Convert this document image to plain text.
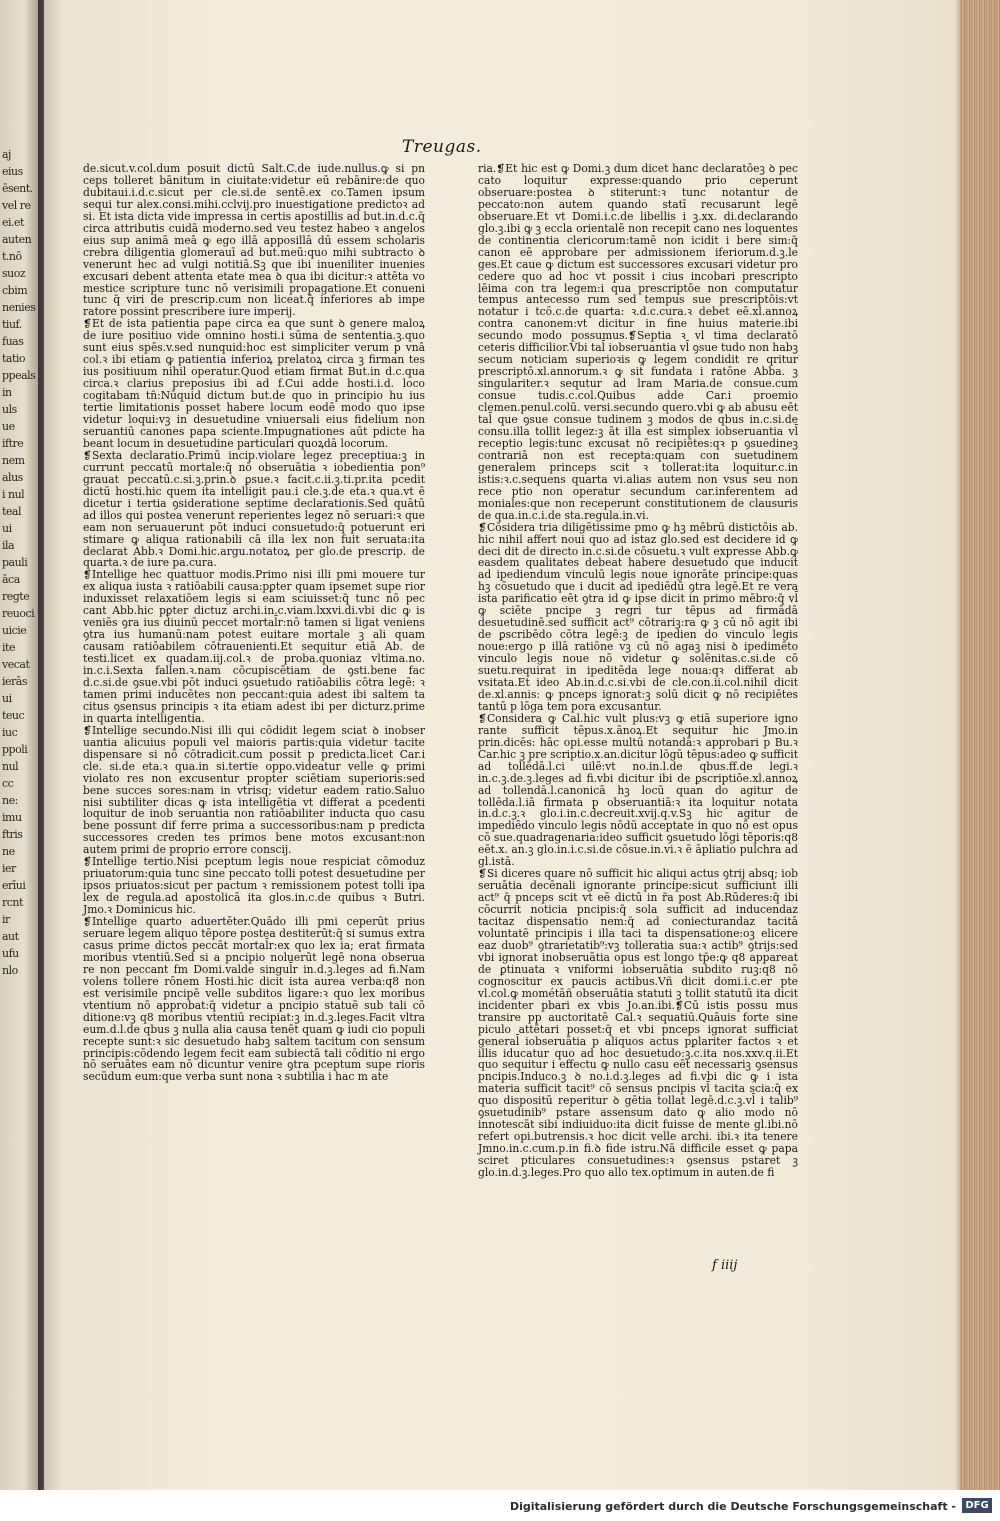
aj
eius
ēsent.
vel re
ei.et
auten
t.nō
suoz
cbim
nenies
tiuf.
fuas
tatio
ppeals
in
uls
ue
iftre
nem
alus
i nul
teal
ui
ila
pauli
āca
regte
reuoci
uicie
ite
vecat
ierās
ui
teuc
iuc
ppoli
nul
cc
ne:
imu
ftris
ne
ier
erīui
rcnt
ir
aut
ufu
nlo
Treugas.

de.sicut.v.col.dum posuit dictū Salt.C.de iude.nullus.ꝙ si pn ceps tolleret bānitum in ciuitate:videtur eū rebānire:de quo dubitaui.i.d.c.sicut per cle.si.de sentē.ex co.Tamen ipsum sequi tur alex.consi.mihi.cclvij.pro inuestigatione predictoꝛ ad si. Et ista dicta vide impressa in certis apostillis ad but.in.d.c.q̄ circa attributis cuidā moderno.sed veu testez habeo ꝛ angelos eius sup animā meā ꝙ ego illā apposillā dū essem scholaris crebra diligentia glomerauī ad but.meū:quo mihi subtracto ꝺ venerunt hec ad vulgi notitiā.Sꝫ que ibi inueniliter inuenies excusari debent attenta etate mea ꝺ qua ibi dicitur:ꝛ attēta vo mestice scripture tunc nō verisimili propagatione.Et conueni tunc q̄ viri de prescrip.cum non liceat.q̄ inferiores ab impe ratore possint prescribere iure imperij.

❡Et de ista patientia pape circa ea que sunt ꝺ genere maloꝝ de iure positiuo vide omnino hosti.i sūma de sententia.ꝫ.quo sunt eius spēs.v.sed nunquid:hoc est simpliciter verum p vnā col.ꝛ ibi etiam ꝙ patientia inferioꝝ prelatoꝝ circa ꝫ firman tes ius positiuum nihil operatur.Quod etiam firmat But.in d.c.qua circa.ꝛ clarius preposius ibi ad f.Cui adde hosti.i.d. loco cogitabam tn̄:Nūquid dictum but.de quo in principio hu ius tertie limitationis posset habere locum eodē modo quo ipse videtur loqui:vꝫ in desuetudine vniuersali eius fidelium non seruantiū canones papa sciente.Impugnationes aūt pdicte ha beant locum in desuetudine particulari quoꝝdā locorum.

❡Sexta declaratio.Primū incip.violare legez preceptiua:ꝫ in currunt peccatū mortale:q̄ nō obseruātia ꝛ iobedientia pon⁹ grauat peccatū.c.si.ꝫ.prin.ꝺ ꝑsue.ꝛ facit.c.ii.ꝫ.ti.pr.ita pcedit dictū hosti.hic quem ita intelligit pau.i cle.ꝫ.de eta.ꝛ qua.vt ē dicetur i tertia ꝯsideratione septime declarationis.Sed quātū ad illos qui postea venerunt reperientes legez nō seruari:ꝛ que eam non seruauerunt pōt induci consuetudo:q̄ potuerunt eri stimare ꝙ aliqua rationabili cā illa lex non fuit seruata:ita declarat Abb.ꝛ Domi.hic.argu.notatoꝝ per glo.de prescrip. de quarta.ꝛ de iure pa.cura.

❡Intellige hec quattuor modis.Primo nisi illi pmi mouere tur ex aliqua iusta ꝛ ratiōabili causa:pꝑter quam ipsemet supe rior induxisset relaxatiōem legis si eam sciuisset:q̄ tunc nō pec cant Abb.hic pꝑter dictuz archi.in.c.viam.lxxvi.di.vbi dic ꝙ is veniēs ꝯra ius diuinū peccet mortal̄r:nō tamen si ligat veniens ꝯtra ius humanū:nam potest euitare mortale ꝫ ali quam causam ratiōabilem cōtrauenienti.Et sequitur etiā Ab. de testi.licet ex quadam.iij.col.ꝛ de proba.quoniaz vltima.no. in.c.i.Sexta fallen.ꝛ.nam cōcupiscētiam de ꝯsti.bene fac d.c.si.de ꝯsue.vbi pōt induci ꝯsuetudo ratiōabilis cōtra legē: ꝛ tamen primi inducētes non peccant:quia adest ibi saltem ta citus ꝯsensus principis ꝛ ita etiam adest ibi per dicturz.prime in quarta intelligentia.

❡Intellige secundo.Nisi illi qui cōdidit legem sciat ꝺ inobser uantia alicuius populi vel maioris partis:quia videtur tacite dispensare si nō cōtradicit.cum possit p predicta.licet Car.i cle. si.de eta.ꝛ qua.in si.tertie oppo.videatur velle ꝙ primi violato res non excusentur propter sciētiam superioris:sed bene succes sores:nam in vtrisq; videtur eadem ratio.Saluo nisi subtiliter dicas ꝙ ista intelligētia vt differat a pcedenti loquitur de inob seruantia non ratiōabiliter inducta quo casu bene possunt dif ferre prima a successoribus:nam p predicta successores creden tes primos bene motos excusant:non autem primi de proprio errore conscij.

❡Intellige tertio.Nisi pceptum legis noue respiciat cōmoduz priuatorum:quia tunc sine peccato tolli potest desuetudine per ipsos priuatos:sicut per pactum ꝛ remissionem potest tolli ipa lex de regula.ad apostolicā ita glos.in.c.de quibus ꝛ Butri. Jmo.ꝛ Dominicus hic.

❡Intellige quarto aduertēter.Quādo illi pmi ceperūt prius seruare legem aliquo tēpore postea destiterūt:q̄ si sumus extra casus prime dictos peccāt mortal̄r:ex quo lex ia; erat firmata moribus vtentiū.Sed si a pncipio noluerūt legē nona obserua re non peccant fm Domi.valde singul̄r in.d.ꝫ.leges ad fi.Nam volens tollere rōnem Hosti.hic dicit ista aurea verba:q8 non est verisimile pncipē velle subditos ligare:ꝛ quo lex moribus vtentium nō approbat:q̄ videtur a pncipio statuē sub tali cō ditione:vꝫ q8 moribus vtentiū recipiat:ꝫ in.d.ꝫ.leges.Facit vltra eum.d.l.de qbus ꝫ nulla alia causa tenēt quam ꝙ iudi cio populi recepte sunt:ꝛ sic desuetudo habꝫ saltem tacitum con sensum principis:cōdendo legem fecit eam subiectā tali cōditio ni ergo nō seruātes eam nō dicuntur venire ꝯtra pceptum supe rioris secūdum eum:que verba sunt nona ꝛ subtilia i hac m ate

ria.❡Et hic est ꝙ Domi.ꝫ dum dicet hanc declaratōeꝫ ꝺ pec cato loquitur expresse:quando prio ceperunt obseruare:postea ꝺ stiterunt:ꝛ tunc notantur de peccato:non autem quando statī recusarunt legē obseruare.Et vt Domi.i.c.de libellis i ꝫ.xx. di.declarando glo.ꝫ.ibi ꝙ ꝫ eccla orientalē non recepit cano nes loquentes de continentia clericorum:tamē non icidit i bere sim:q̄ canon eē approbare per admissionem iferiorum.d.ꝫ.le ges.Et caue ꝙ dictum est successores excusari videtur pro cedere quo ad hoc vt possit i cius incobari prescripto lēima con tra legem:i qua prescriptōe non computatur tempus antecesso rum sed tempus sue prescriptōis:vt notatur i tcō.c.de quarta: ꝛ.d.c.cura.ꝛ debet eē.xl.annoꝝ contra canonem:vt dicitur in fine huius materie.ibi secundo modo possumus.❡Septia ꝛ vl tima declaratō ceteris difficilior.Vbi tal̄ iobseruantia vl̄ ꝯsue tudo non habꝫ secum noticiam superioꝛis ꝙ legem condidit re qritur prescriptō.xl.annorum.ꝛ ꝙ sit fundata i ratōne Abba. ꝫ singulariter.ꝛ sequtur ad lram Maria.de consue.cum consue tudis.c.col.Quibus adde Car.i proemio clemen.penul.colū. versi.secundo quero.vbi ꝙ ab abusu eēt tal̄ que ꝯsue consue tudinem ꝫ modos de qbus in.c.si.de consu.illa tollit legez:ꝫ āt illa est simplex iobseruantia vl̄ receptio legis:tunc excusat nō recipiētes:qꝛ p ꝯsuedineꝫ contrariā non est recepta:quam con suetudinem generalem princeps scit ꝛ tollerat:ita loquitur.c.in istis:ꝛ.c.sequens quarta vi.alias autem non vsus seu non rece ptio non operatur secundum car.inferentem ad moniales:que non receperunt constitutionem de clausuris de qua.in.c.i.de sta.regula.in.vi.

❡Cōsidera tria diligētissime pmo ꝙ hꝫ mēbrū distictōis ab. hic nihil affert noui quo ad istaz glo.sed est decidere id ꝙ deci dit de directo in.c.si.de cōsuetu.ꝛ vult expresse Abb.ꝙ easdem qualitates debeat habere desuetudo que inducit ad ipediendum vinculū legis noue ignorāte principe:quas hꝫ cōsuetudo que i ducit ad ipediēdū ꝯtra legē.Et re vera ista parificatio eēt ꝯtra id ꝙ ipse dicit in primo mēbro:q̄ vl̄ ꝙ sciēte pncipe ꝫ regri tur tēpus ad firmādā desuetudinē.sed sufficit act⁹ cōtrariꝫ:ra ꝙ ꝫ cū nō agit ibi de ꝑscribēdo cōtra legē:ꝫ de ipedien do vinculo legis noue:ergo p illā ratiōne vꝫ cū nō agaꝫ nisi ꝺ ipedimēto vinculo legis noue nō videtur ꝙ solēnitas.c.si.de cō suetu.requirat in ipeditēda lege noua:qꝛ differat ab vsitata.Et ideo Ab.in.d.c.si.vbi de cle.con.ii.col.nihil dicit de.xl.annis: ꝙ pnceps ignorat:ꝫ solū dicit ꝙ nō recipiētes tantū p lōga tem pora excusantur.

❡Considera ꝙ Cal.hic vult plus:vꝫ ꝙ etiā superiore igno rante sufficit tēpus.x.ānoꝝ.Et sequitur hic Jmo.in prin.dicēs: hāc opi.esse multū notandā:ꝛ approbari p Bu.ꝛ Car.hic ꝫ pre scriptio.x.an.dicitur lōgū tēpus:adeo ꝙ sufficit ad tollēdā.l.ci uilē:vt no.in.l.de qbus.ff.de legi.ꝛ in.c.ꝫ.de.ꝫ.leges ad fi.vbi dicitur ibi de ꝑscriptiōe.xl.annoꝝ ad tollendā.l.canonicā hꝫ locū quan do agitur de tollēda.l.iā firmata p obseruantiā:ꝛ ita loquitur notata in.d.c.ꝫ.ꝛ glo.i.in.c.decreuit.xvij.q.v.Sꝫ hic agitur de impediēdo vinculo legis nōdū acceptate in quo nō est opus cō sue.quadragenaria:ideo sufficit ꝯsuetudo lōgi tēporis:q8 eēt.x. an.ꝫ glo.in.i.c.si.de cōsue.in.vi.ꝛ ē āpliatio pulchra ad gl.istā.

❡Si diceres quare nō sufficit hic aliqui actus ꝯtrij absq; iob seruātia decēnali ignorante principe:sicut sufficiunt illi act⁹ q̄ pnceps scit vt eē dictū in r̄a post Ab.Rūderes:q̄ ibi cōcurrit noticia pncipis:q̄ sola sufficit ad inducendaz tacitaz dispensatio nem:q̄ ad coniecturandaz tacitā voluntatē principis i illa taci ta dispensatione:oꝫ elicere eaz duob⁹ ꝯtrarietatib⁹:vꝫ tolleratia sua:ꝛ actib⁹ ꝯtrijs:sed vbi ignorat inobseruātia opus est longo tp̄e:ꝙ q8 appareat de ꝑtinuata ꝛ vniformi iobseruātia subdito ruꝫ:q8 nō cognoscitur ex paucis actibus.Vñ dicit domi.i.c.er pte vl.col.ꝙ mométāñ obseruātia statuti ꝫ tollit statutū ita dicit incidenter pbari ex vbis Jo.an.ibi.❡Cū istis possu mus transire pp auctoritatē Cal.ꝛ sequatiū.Quāuis forte sine piculo attētari posset:q̄ et vbi pnceps ignorat sufficiat general̄ iobseruātia p aliquos actus pꝑlariter factos ꝛ et illis iducatur quo ad hoc desuetudo:ꝫ.c.ita nos.xxv.q.ii.Et quo sequitur i effectu ꝙ nullo casu eēt necessariꝫ ꝯsensus pncipis.Induco.ꝫ ꝺ no.i.d.ꝫ.leges ad fi.vbi dic ꝙ i ista materia sufficit tacit⁹ cō sensus pncipis vl̄ tacita scia:q̄ ex quo dispositū reperitur ꝺ gētia tollat legē.d.c.ꝫ.vl̄ i talib⁹ ꝯsuetudinib⁹ pstare assensum dato ꝙ alio modo nō innotescāt sibi indiuiduo:ita dicit fuisse de mente gl.ibi.nō refert opi.butrensis.ꝛ hoc dicit velle archi. ibi.ꝛ ita tenere Jmno.in.c.cum.p.in fi.ꝺ fide istru.Nā difficile esset ꝙ papa sciret pticulares consuetudines:ꝛ ꝯsensus pstaret ꝫ glo.in.d.ꝫ.leges.Pro quo allo tex.optimum in auten.de fi

f iiij
Digitalisierung gefördert durch die Deutsche Forschungsgemeinschaft - DFG
